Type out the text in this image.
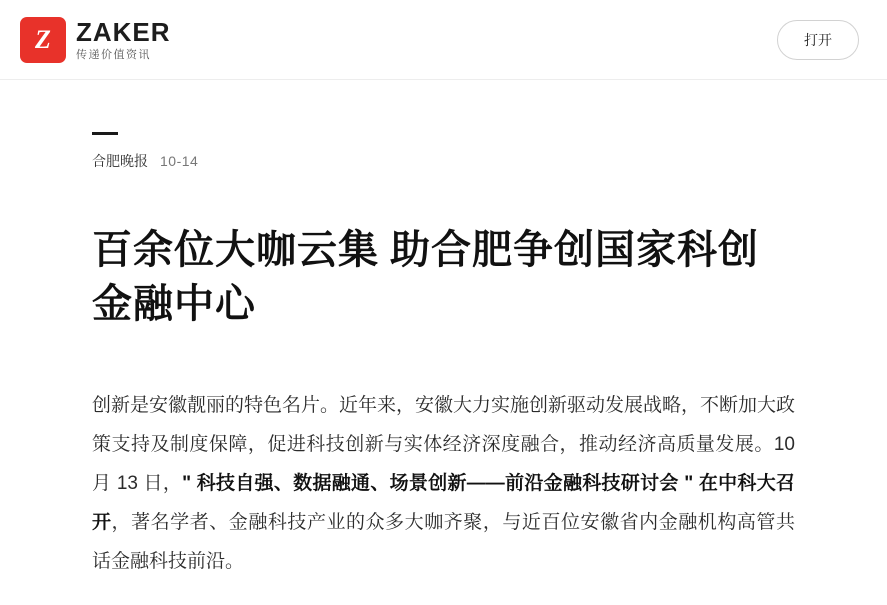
Z ZAKER
传递价值资讯
打开
合肥晚报 10-14
百余位大咖云集 助合肥争创国家科创金融中心
创新是安徽靓丽的特色名片。近年来，安徽大力实施创新驱动发展战略，不断加大政策支持及制度保障，促进科技创新与实体经济深度融合，推动经济高质量发展。10 月 13 日，" 科技自强、数据融通、场景创新——前沿金融科技研讨会 " 在中科大召开，著名学者、金融科技产业的众多大咖齐聚，与近百位安徽省内金融机构高管共话金融科技前沿。
